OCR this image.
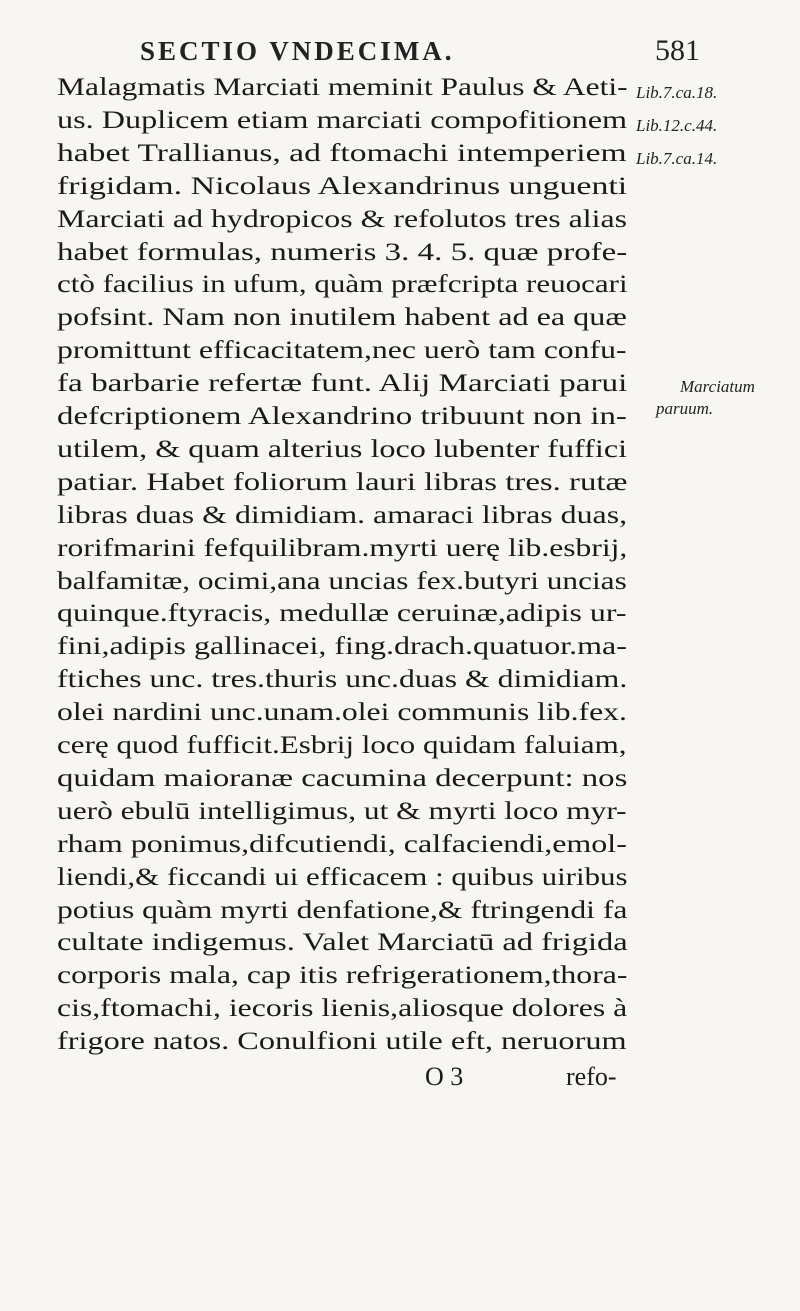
SECTIO VNDECIMA.	581
Malagmatis Marciati meminit Paulus & Aeti-
us. Duplicem etiam marciati compofitionem
habet Trallianus, ad ftomachi intemperiem
frigidam. Nicolaus Alexandrinus unguenti
Marciati ad hydropicos & refolutos tres alias
habet formulas, numeris 3. 4. 5. quæ profe-
ctò facilius in ufum, quàm præfcripta reuocari
pofsint. Nam non inutilem habent ad ea quæ
promittunt efficacitatem,nec uerò tam confu-
fa barbarie refertæ funt. Alij Marciati parui
defcriptionem Alexandrino tribuunt non in-
utilem, & quam alterius loco lubenter fuffici
patiar. Habet foliorum lauri libras tres. rutæ
libras duas & dimidiam. amaraci libras duas,
rorifmarini fefquilibram.myrti uerę lib.esbrij,
balfamitæ, ocimi,ana uncias fex.butyri uncias
quinque.ftyracis, medullæ ceruinæ,adipis ur-
fini,adipis gallinacei, fing.drach.quatuor.ma-
ftiches unc. tres.thuris unc.duas & dimidiam.
olei nardini unc.unam.olei communis lib.fex.
cerę quod fufficit.Esbrij loco quidam faluiam,
quidam maioranæ cacumina decerpunt: nos
uerò ebulū intelligimus, ut & myrti loco myr-
rham ponimus,difcutiendi, calfaciendi,emol-
liendi,& ficcandi ui efficacem : quibus uiribus
potius quàm myrti denfatione,& ftringendi fa
cultate indigemus. Valet Marciatū ad frigida
corporis mala, cap itis refrigerationem,thora-
cis,ftomachi, iecoris lienis,aliosque dolores à
frigore natos. Conulfioni utile eft, neruorum
Lib.7.ca.18.
Lib.12.c.44.
Lib.7.ca.14.
Marciatum
paruum.
O 3	refo-
